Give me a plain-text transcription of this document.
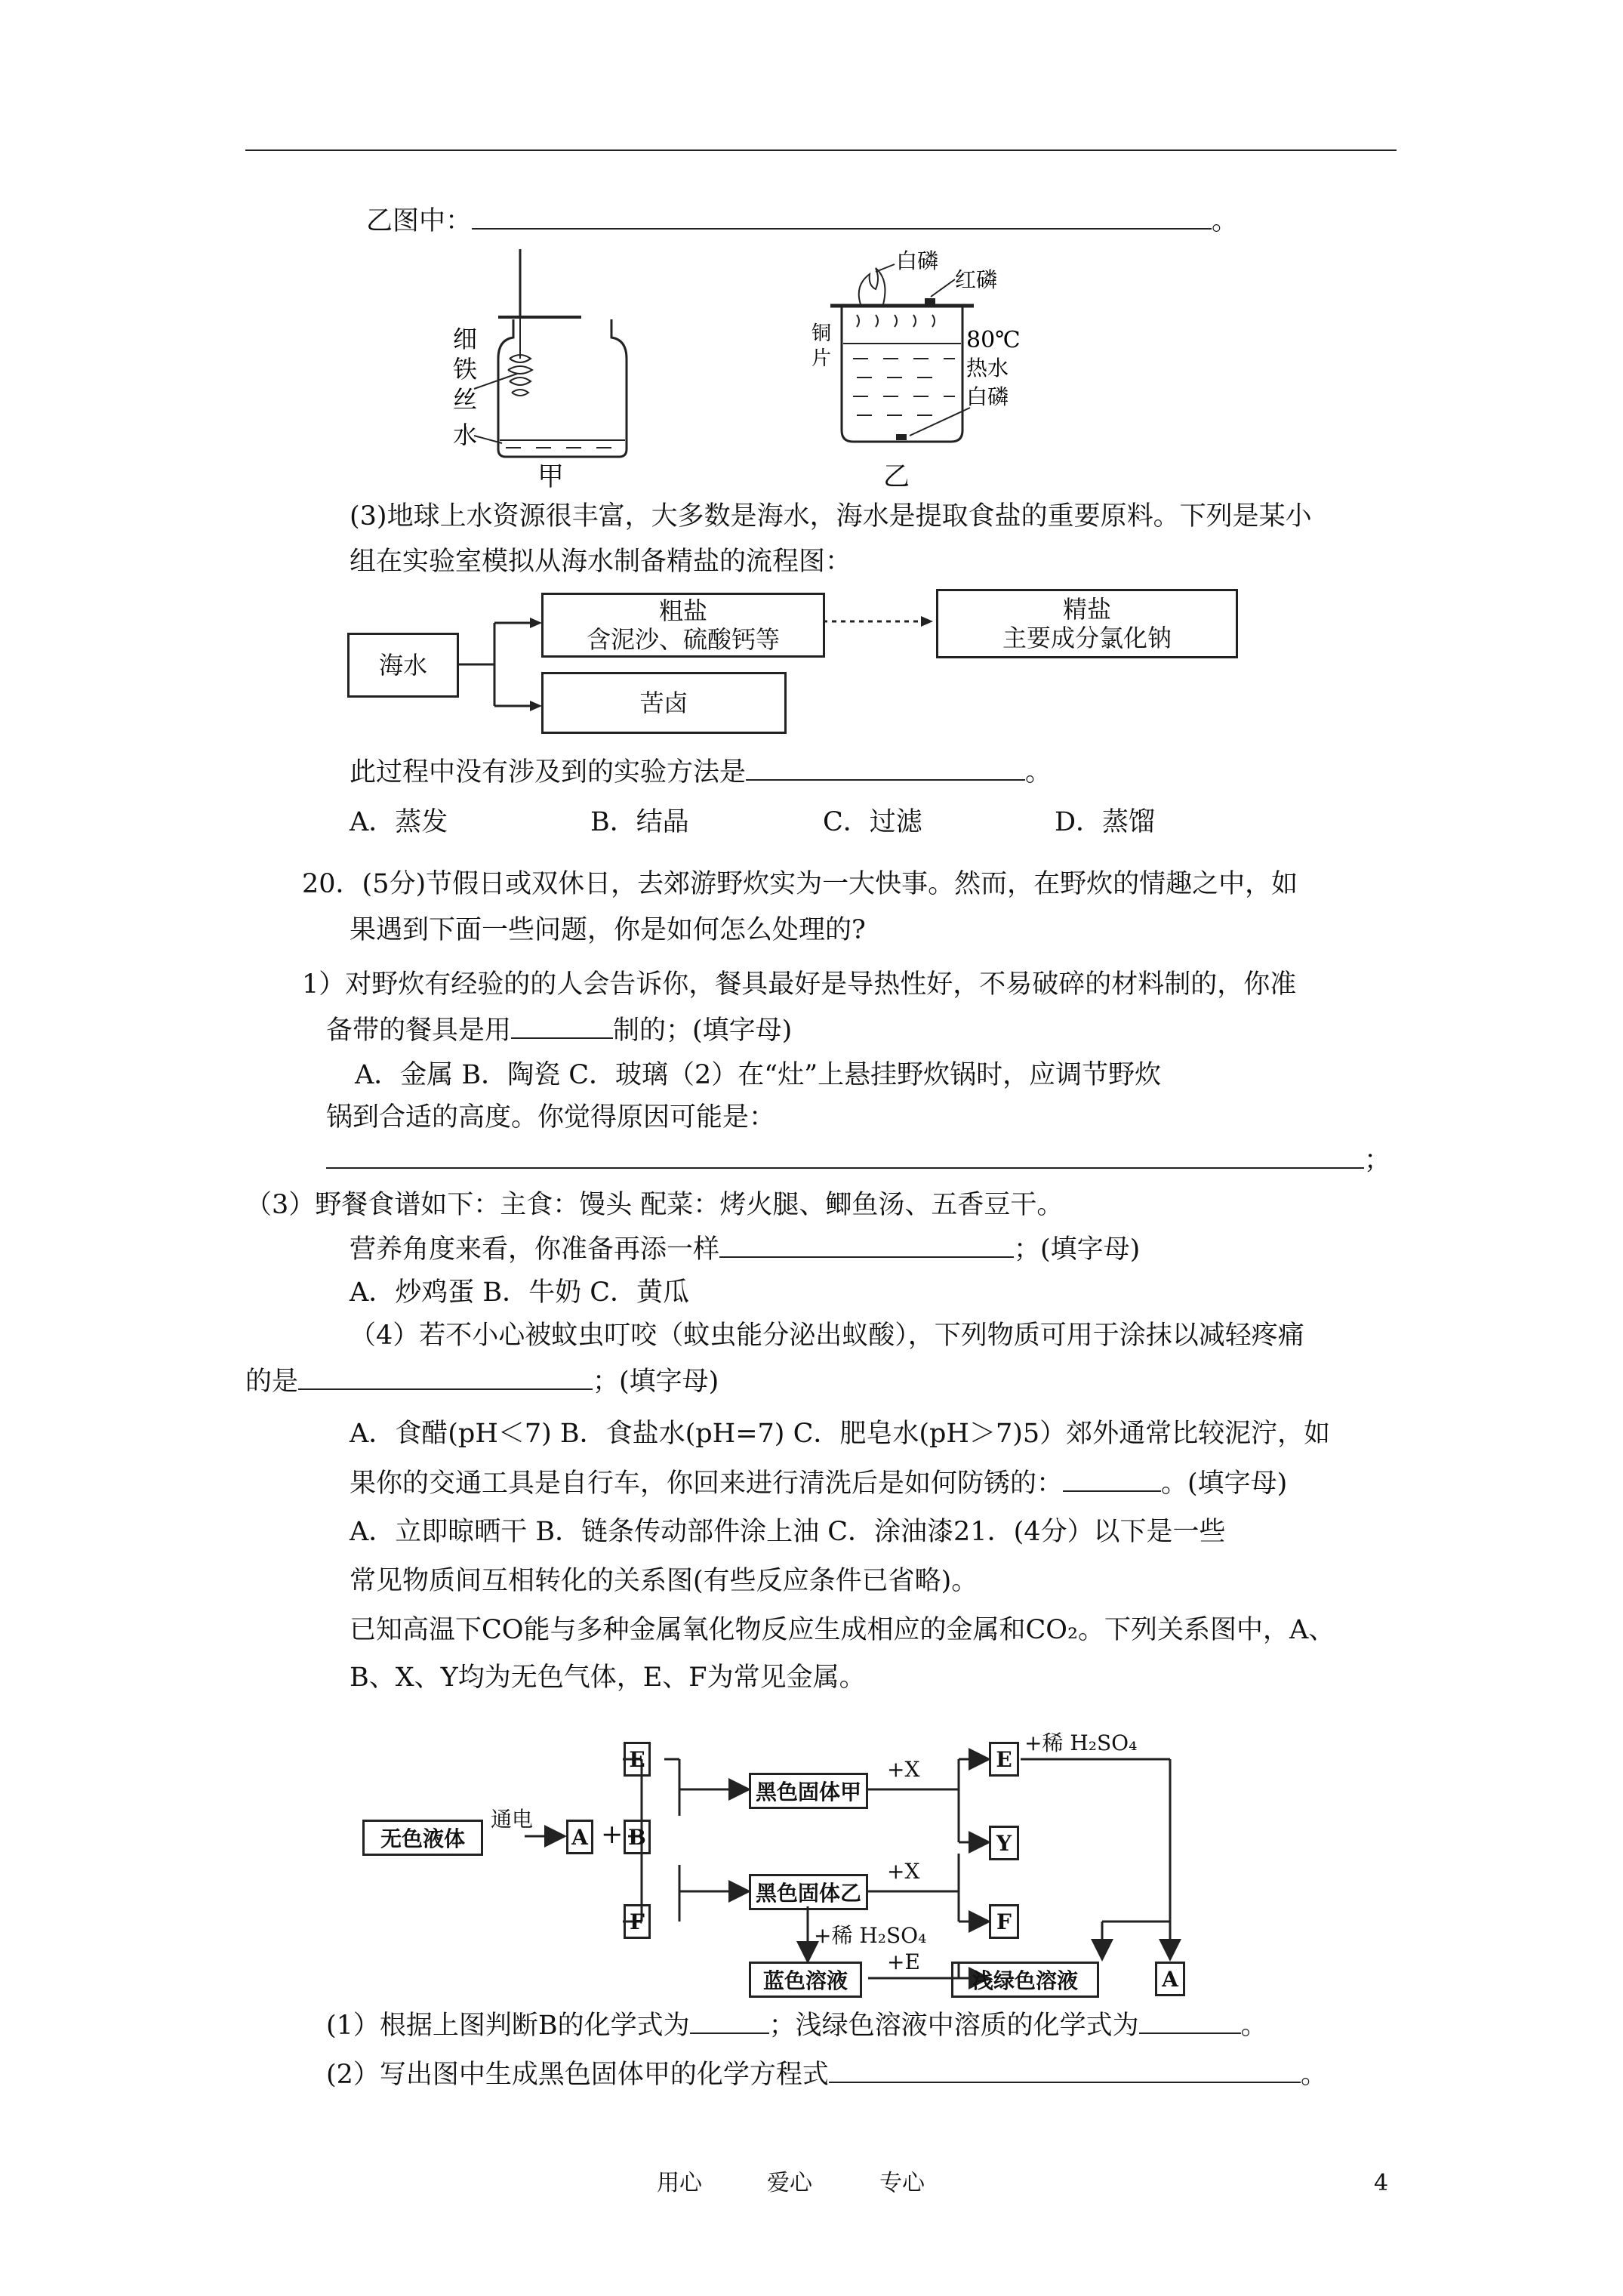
乙图中：	。
细
铁
丝
水
甲
白磷
红磷
铜
片
80℃
热水
白磷
乙
(3)地球上水资源很丰富，大多数是海水，海水是提取食盐的重要原料。下列是某小
组在实验室模拟从海水制备精盐的流程图：
海水
粗盐
含泥沙、硫酸钙等
精盐
主要成分氯化钠
苦卤
此过程中没有涉及到的实验方法是	。
A．蒸发	B．结晶	C．过滤	D．蒸馏
20．(5分)节假日或双休日，去郊游野炊实为一大快事。然而，在野炊的情趣之中，如
果遇到下面一些问题，你是如何怎么处理的?
1）对野炊有经验的的人会告诉你，餐具最好是导热性好，不易破碎的材料制的，你准
备带的餐具是用	制的；(填字母)
A．金属 B．陶瓷 C．玻璃（2）在“灶”上悬挂野炊锅时，应调节野炊
锅到合适的高度。你觉得原因可能是：
；
（3）野餐食谱如下：主食：馒头 配菜：烤火腿、鲫鱼汤、五香豆干。
营养角度来看，你准备再添一样	；(填字母)
A．炒鸡蛋 B．牛奶 C．黄瓜
（4）若不小心被蚊虫叮咬（蚊虫能分泌出蚁酸），下列物质可用于涂抹以减轻疼痛
的是	；(填字母)
A．食醋(pH＜7) B．食盐水(pH=7) C．肥皂水(pH＞7)5）郊外通常比较泥泞，如
果你的交通工具是自行车，你回来进行清洗后是如何防锈的：	。(填字母)
A．立即晾晒干 B．链条传动部件涂上油 C．涂油漆21．(4分）以下是一些
常见物质间互相转化的关系图(有些反应条件已省略)。
已知高温下CO能与多种金属氧化物反应生成相应的金属和CO₂。下列关系图中，A、
B、X、Y均为无色气体，E、F为常见金属。
无色液体
通电
A + B
E
F
黑色固体甲
黑色固体乙
+X
+X
E
Y
F
+稀 H₂SO₄
+稀 H₂SO₄
蓝色溶液
+E
浅绿色溶液	A
(1）根据上图判断B的化学式为	；浅绿色溶液中溶质的化学式为	。
(2）写出图中生成黑色固体甲的化学方程式	。
用心	爱心	专心	4
